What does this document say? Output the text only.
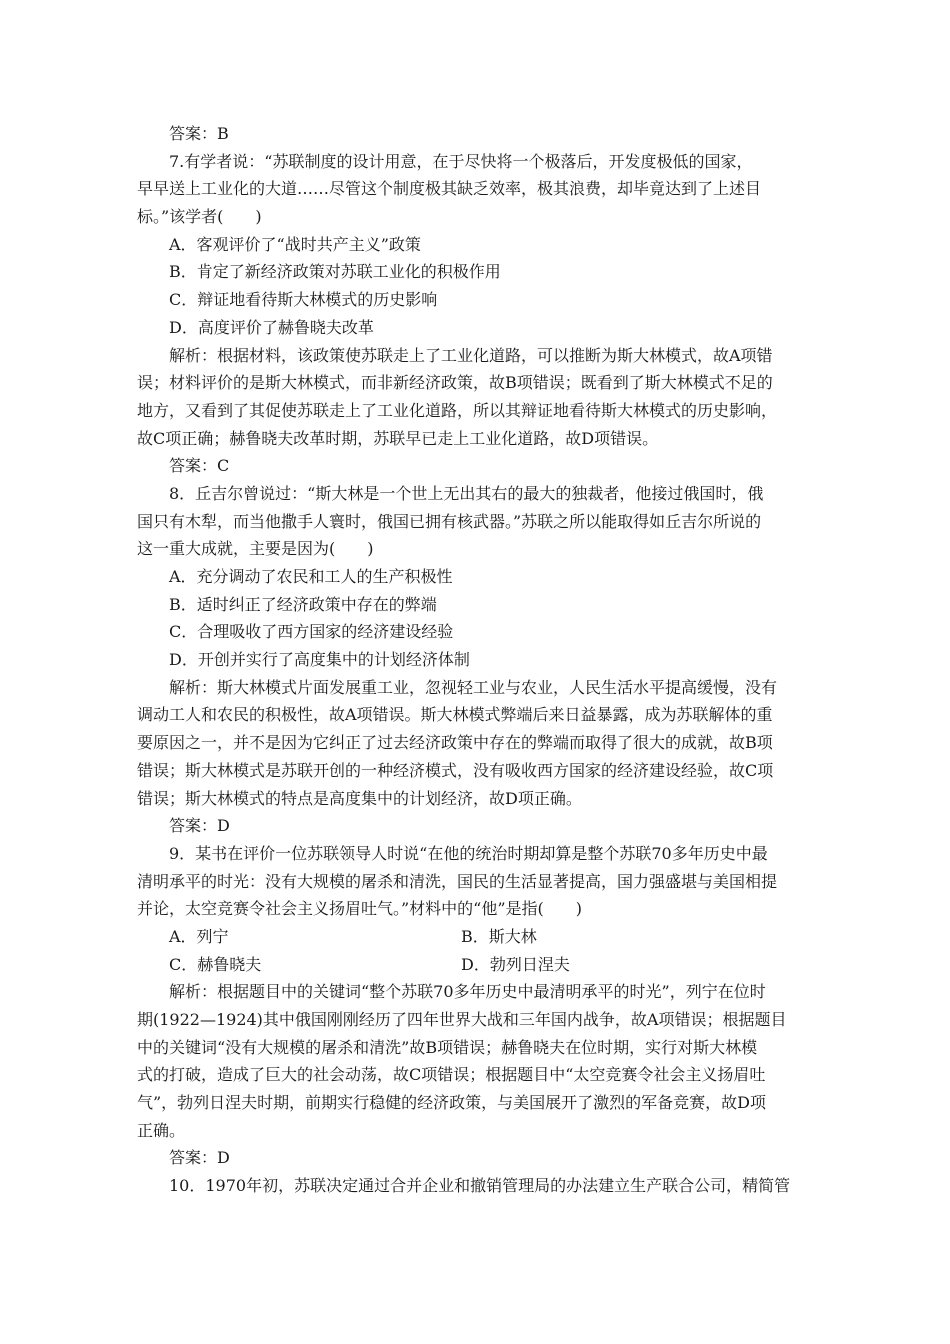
答案：B
7.有学者说：“苏联制度的设计用意，在于尽快将一个极落后，开发度极低的国家，
早早送上工业化的大道……尽管这个制度极其缺乏效率，极其浪费，却毕竟达到了上述目
标。”该学者(　　)
A．客观评价了“战时共产主义”政策
B．肯定了新经济政策对苏联工业化的积极作用
C．辩证地看待斯大林模式的历史影响
D．高度评价了赫鲁晓夫改革
解析：根据材料，该政策使苏联走上了工业化道路，可以推断为斯大林模式，故A项错
误；材料评价的是斯大林模式，而非新经济政策，故B项错误；既看到了斯大林模式不足的
地方，又看到了其促使苏联走上了工业化道路，所以其辩证地看待斯大林模式的历史影响，
故C项正确；赫鲁晓夫改革时期，苏联早已走上工业化道路，故D项错误。
答案：C
8．丘吉尔曾说过：“斯大林是一个世上无出其右的最大的独裁者，他接过俄国时，俄
国只有木犁，而当他撒手人寰时，俄国已拥有核武器。”苏联之所以能取得如丘吉尔所说的
这一重大成就，主要是因为(　　)
A．充分调动了农民和工人的生产积极性
B．适时纠正了经济政策中存在的弊端
C．合理吸收了西方国家的经济建设经验
D．开创并实行了高度集中的计划经济体制
解析：斯大林模式片面发展重工业，忽视轻工业与农业，人民生活水平提高缓慢，没有
调动工人和农民的积极性，故A项错误。斯大林模式弊端后来日益暴露，成为苏联解体的重
要原因之一，并不是因为它纠正了过去经济政策中存在的弊端而取得了很大的成就，故B项
错误；斯大林模式是苏联开创的一种经济模式，没有吸收西方国家的经济建设经验，故C项
错误；斯大林模式的特点是高度集中的计划经济，故D项正确。
答案：D
9．某书在评价一位苏联领导人时说“在他的统治时期却算是整个苏联70多年历史中最
清明承平的时光：没有大规模的屠杀和清洗，国民的生活显著提高，国力强盛堪与美国相提
并论，太空竞赛令社会主义扬眉吐气。”材料中的“他”是指(　　)
A．列宁	B．斯大林
C．赫鲁晓夫	D．勃列日涅夫
解析：根据题目中的关键词“整个苏联70多年历史中最清明承平的时光”，列宁在位时
期(1922—1924)其中俄国刚刚经历了四年世界大战和三年国内战争，故A项错误；根据题目
中的关键词“没有大规模的屠杀和清洗”故B项错误；赫鲁晓夫在位时期，实行对斯大林模
式的打破，造成了巨大的社会动荡，故C项错误；根据题目中“太空竞赛令社会主义扬眉吐
气”，勃列日涅夫时期，前期实行稳健的经济政策，与美国展开了激烈的军备竞赛，故D项
正确。
答案：D
10．1970年初，苏联决定通过合并企业和撤销管理局的办法建立生产联合公司，精简管
